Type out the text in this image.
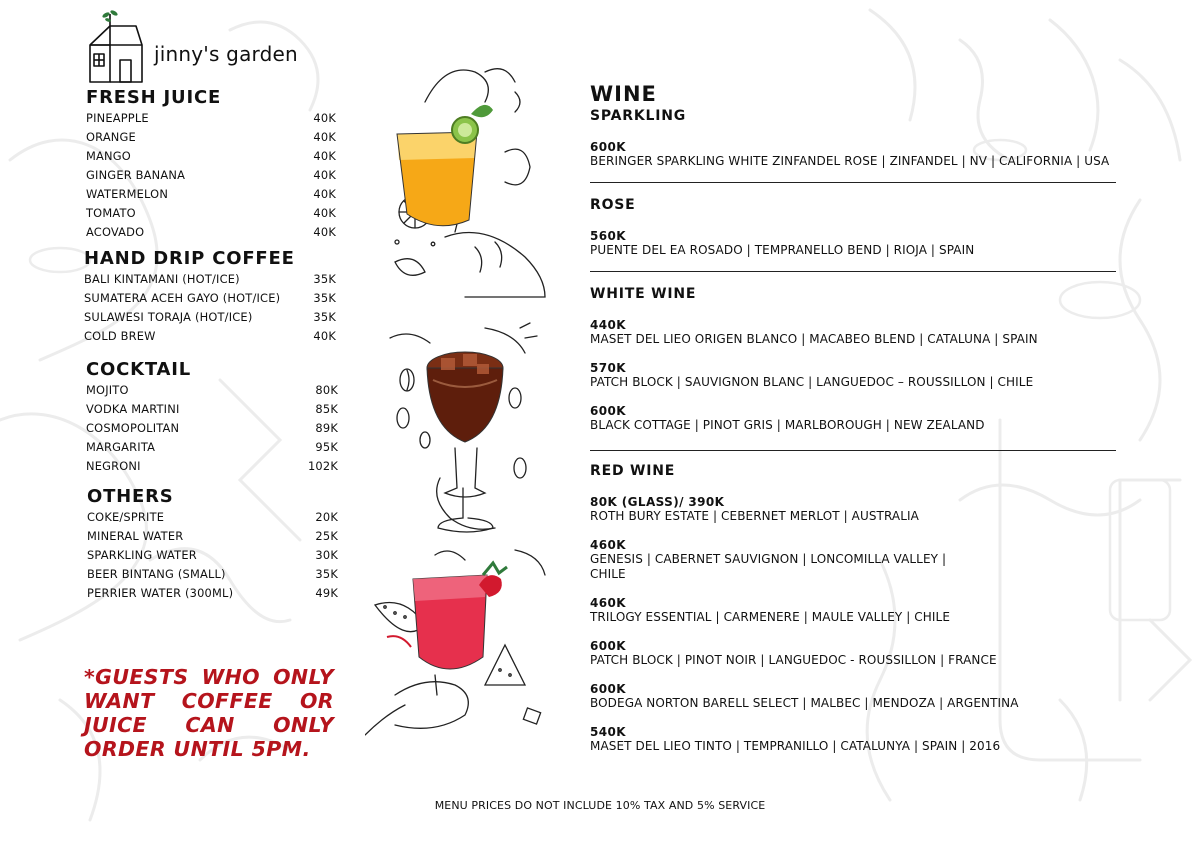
jinny's garden
FRESH JUICE
PINEAPPLE	40K
ORANGE	40K
MANGO	40K
GINGER BANANA	40K
WATERMELON	40K
TOMATO	40K
ACOVADO	40K
HAND DRIP COFFEE
BALI KINTAMANI (HOT/ICE)	35K
SUMATERA ACEH GAYO (HOT/ICE)	35K
SULAWESI TORAJA (HOT/ICE)	35K
COLD BREW	40K
COCKTAIL
MOJITO	80K
VODKA MARTINI	85K
COSMOPOLITAN	89K
MARGARITA	95K
NEGRONI	102K
OTHERS
COKE/SPRITE	20K
MINERAL WATER	25K
SPARKLING WATER	30K
BEER BINTANG (SMALL)	35K
PERRIER WATER (300ML)	49K
*GUESTS WHO ONLY WANT COFFEE OR JUICE CAN ONLY ORDER UNTIL 5PM.
WINE
SPARKLING
600K
BERINGER SPARKLING WHITE ZINFANDEL ROSE | ZINFANDEL | NV | CALIFORNIA | USA
ROSE
560K
PUENTE DEL EA ROSADO | TEMPRANELLO BEND | RIOJA | SPAIN
WHITE WINE
440K
MASET DEL LIEO ORIGEN BLANCO | MACABEO BLEND | CATALUNA | SPAIN
570K
PATCH BLOCK | SAUVIGNON BLANC | LANGUEDOC – ROUSSILLON | CHILE
600K
BLACK COTTAGE | PINOT GRIS | MARLBOROUGH | NEW ZEALAND
RED WINE
80K (GLASS)/ 390K
ROTH BURY ESTATE | CEBERNET MERLOT | AUSTRALIA
460K
GENESIS | CABERNET SAUVIGNON | LONCOMILLA VALLEY |
CHILE
460K
TRILOGY ESSENTIAL | CARMENERE | MAULE VALLEY | CHILE
600K
PATCH BLOCK | PINOT NOIR | LANGUEDOC - ROUSSILLON | FRANCE
600K
BODEGA NORTON BARELL SELECT | MALBEC | MENDOZA | ARGENTINA
540K
MASET DEL LIEO TINTO | TEMPRANILLO | CATALUNYA | SPAIN | 2016
MENU PRICES DO NOT INCLUDE 10% TAX AND 5% SERVICE
